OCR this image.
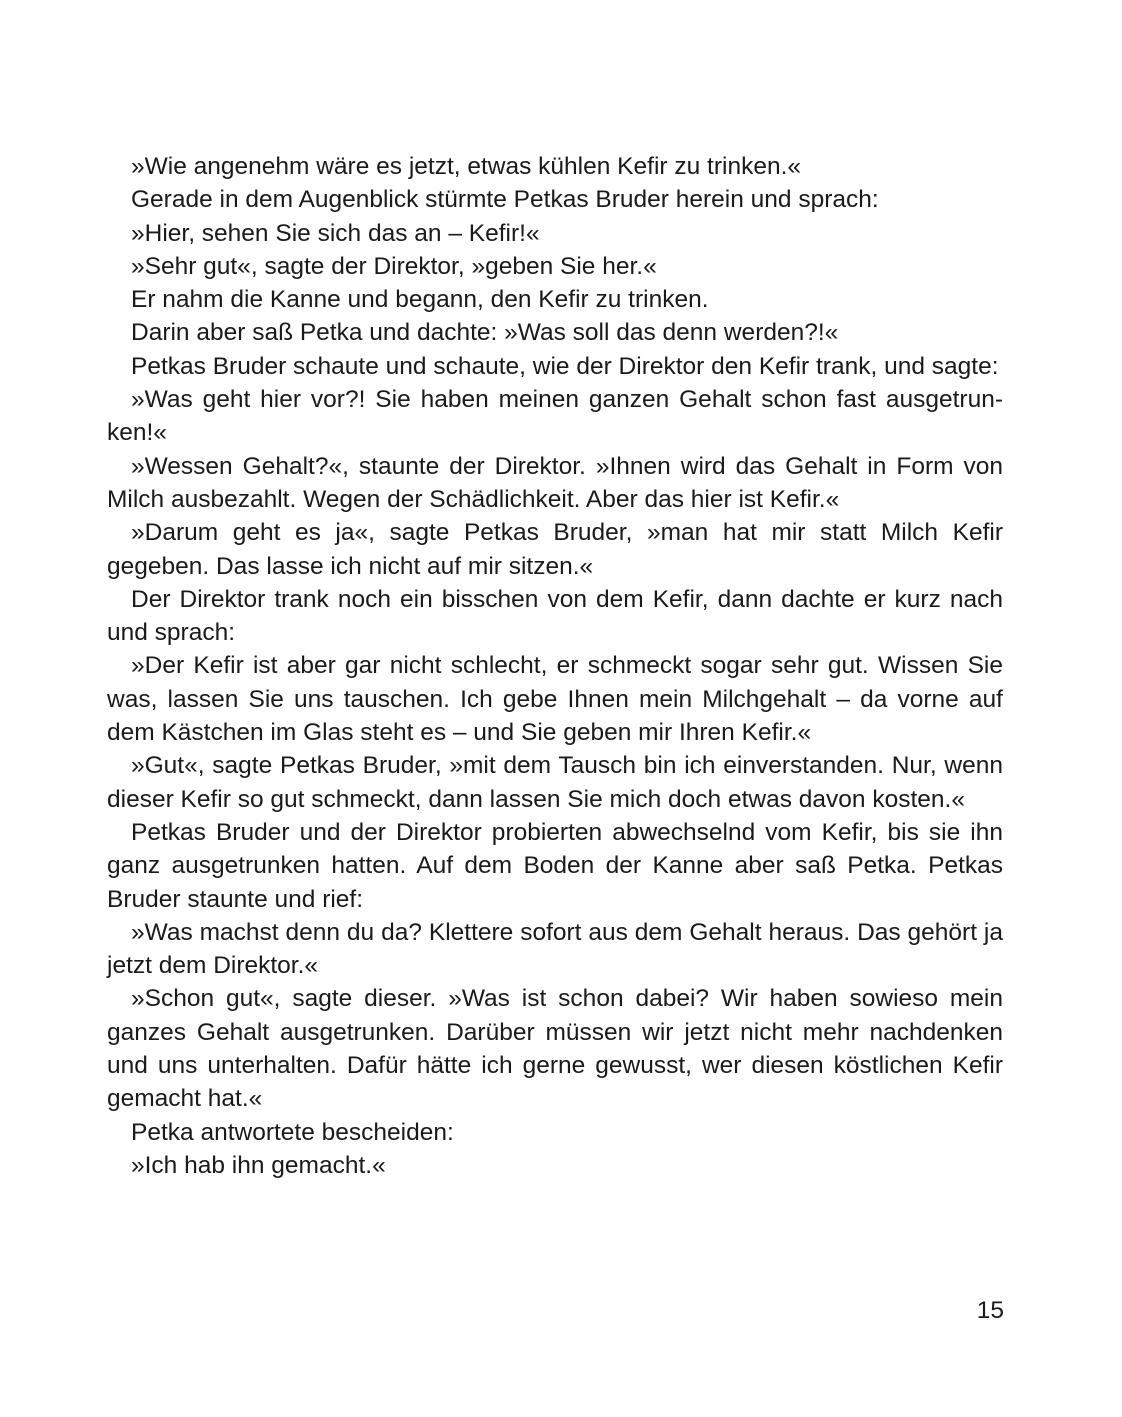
»Wie angenehm wäre es jetzt, etwas kühlen Kefir zu trinken.«

Gerade in dem Augenblick stürmte Petkas Bruder herein und sprach:

»Hier, sehen Sie sich das an – Kefir!«

»Sehr gut«, sagte der Direktor, »geben Sie her.«

Er nahm die Kanne und begann, den Kefir zu trinken.

Darin aber saß Petka und dachte: »Was soll das denn werden?!«

Petkas Bruder schaute und schaute, wie der Direktor den Kefir trank, und sagte:

»Was geht hier vor?! Sie haben meinen ganzen Gehalt schon fast ausgetrunken!«

»Wessen Gehalt?«, staunte der Direktor. »Ihnen wird das Gehalt in Form von Milch ausbezahlt. Wegen der Schädlichkeit. Aber das hier ist Kefir.«

»Darum geht es ja«, sagte Petkas Bruder, »man hat mir statt Milch Kefir gegeben. Das lasse ich nicht auf mir sitzen.«

Der Direktor trank noch ein bisschen von dem Kefir, dann dachte er kurz nach und sprach:

»Der Kefir ist aber gar nicht schlecht, er schmeckt sogar sehr gut. Wissen Sie was, lassen Sie uns tauschen. Ich gebe Ihnen mein Milchgehalt – da vorne auf dem Kästchen im Glas steht es – und Sie geben mir Ihren Kefir.«

»Gut«, sagte Petkas Bruder, »mit dem Tausch bin ich einverstanden. Nur, wenn dieser Kefir so gut schmeckt, dann lassen Sie mich doch etwas davon kosten.«

Petkas Bruder und der Direktor probierten abwechselnd vom Kefir, bis sie ihn ganz ausgetrunken hatten. Auf dem Boden der Kanne aber saß Petka. Petkas Bruder staunte und rief:

»Was machst denn du da? Klettere sofort aus dem Gehalt heraus. Das gehört ja jetzt dem Direktor.«

»Schon gut«, sagte dieser. »Was ist schon dabei? Wir haben sowieso mein ganzes Gehalt ausgetrunken. Darüber müssen wir jetzt nicht mehr nachdenken und uns unterhalten. Dafür hätte ich gerne gewusst, wer diesen köstlichen Kefir gemacht hat.«

Petka antwortete bescheiden:

»Ich hab ihn gemacht.«

15
